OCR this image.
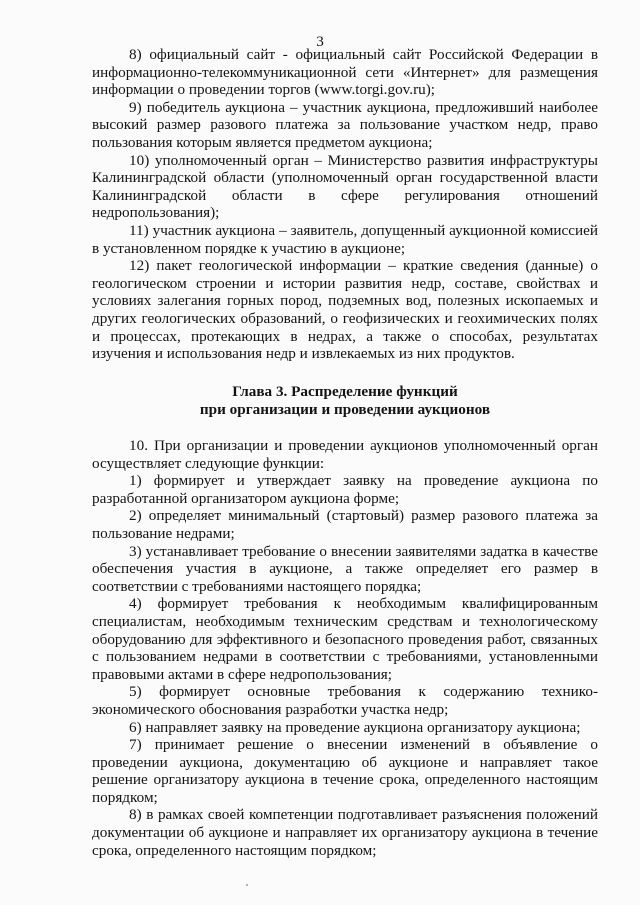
3

8) официальный сайт - официальный сайт Российской Федерации в информационно-телекоммуникационной сети «Интернет» для размещения информации о проведении торгов (www.torgi.gov.ru);

9) победитель аукциона – участник аукциона, предложивший наиболее высокий размер разового платежа за пользование участком недр, право пользования которым является предметом аукциона;

10) уполномоченный орган – Министерство развития инфраструктуры Калининградской области (уполномоченный орган государственной власти Калининградской области в сфере регулирования отношений недропользования);

11) участник аукциона – заявитель, допущенный аукционной комиссией в установленном порядке к участию в аукционе;

12) пакет геологической информации – краткие сведения (данные) о геологическом строении и истории развития недр, составе, свойствах и условиях залегания горных пород, подземных вод, полезных ископаемых и других геологических образований, о геофизических и геохимических полях и процессах, протекающих в недрах, а также о способах, результатах изучения и использования недр и извлекаемых из них продуктов.

Глава 3. Распределение функций

при организации и проведении аукционов

10. При организации и проведении аукционов уполномоченный орган осуществляет следующие функции:

1) формирует и утверждает заявку на проведение аукциона по разработанной организатором аукциона форме;

2) определяет минимальный (стартовый) размер разового платежа за пользование недрами;

3) устанавливает требование о внесении заявителями задатка в качестве обеспечения участия в аукционе, а также определяет его размер в соответствии с требованиями настоящего порядка;

4) формирует требования к необходимым квалифицированным специалистам, необходимым техническим средствам и технологическому оборудованию для эффективного и безопасного проведения работ, связанных с пользованием недрами в соответствии с требованиями, установленными правовыми актами в сфере недропользования;

5) формирует основные требования к содержанию технико-экономического обоснования разработки участка недр;

6) направляет заявку на проведение аукциона организатору аукциона;

7) принимает решение о внесении изменений в объявление о проведении аукциона, документацию об аукционе и направляет такое решение организатору аукциона в течение срока, определенного настоящим порядком;

8) в рамках своей компетенции подготавливает разъяснения положений документации об аукционе и направляет их организатору аукциона в течение срока, определенного настоящим порядком;
